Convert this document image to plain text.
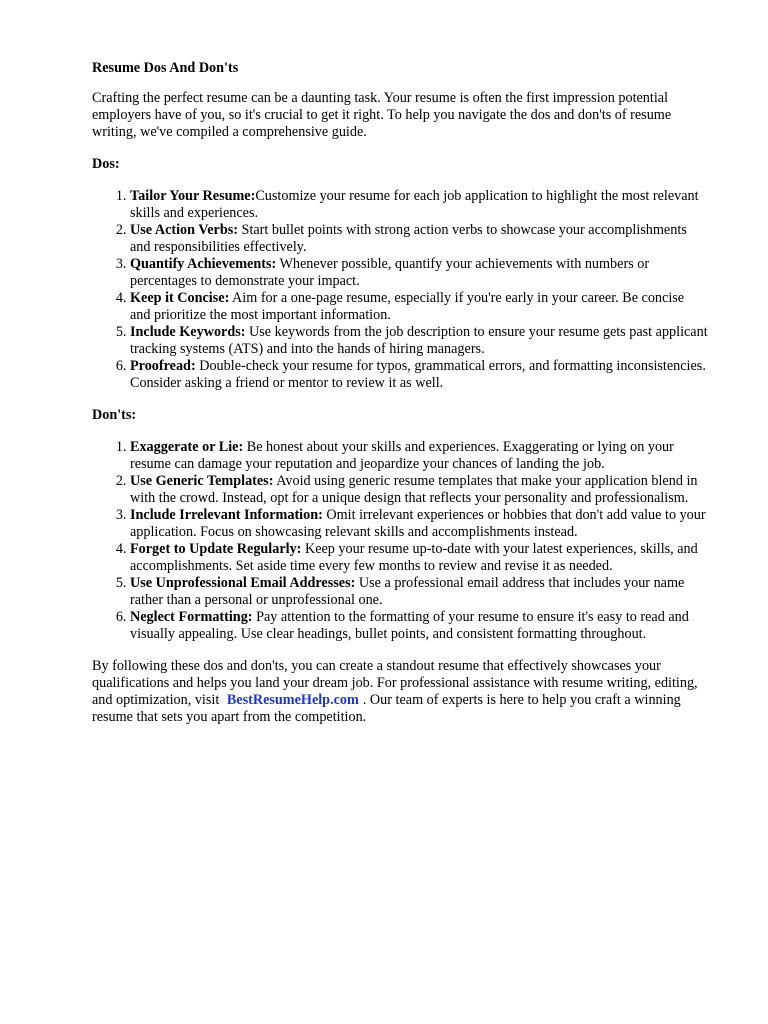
Resume Dos And Don'ts

Crafting the perfect resume can be a daunting task. Your resume is often the first impression potential employers have of you, so it's crucial to get it right. To help you navigate the dos and don'ts of resume writing, we've compiled a comprehensive guide.

Dos:
1. Tailor Your Resume:Customize your resume for each job application to highlight the most relevant skills and experiences.
2. Use Action Verbs: Start bullet points with strong action verbs to showcase your accomplishments and responsibilities effectively.
3. Quantify Achievements: Whenever possible, quantify your achievements with numbers or percentages to demonstrate your impact.
4. Keep it Concise: Aim for a one-page resume, especially if you're early in your career. Be concise and prioritize the most important information.
5. Include Keywords: Use keywords from the job description to ensure your resume gets past applicant tracking systems (ATS) and into the hands of hiring managers.
6. Proofread: Double-check your resume for typos, grammatical errors, and formatting inconsistencies. Consider asking a friend or mentor to review it as well.
Don'ts:
1. Exaggerate or Lie: Be honest about your skills and experiences. Exaggerating or lying on your resume can damage your reputation and jeopardize your chances of landing the job.
2. Use Generic Templates: Avoid using generic resume templates that make your application blend in with the crowd. Instead, opt for a unique design that reflects your personality and professionalism.
3. Include Irrelevant Information: Omit irrelevant experiences or hobbies that don't add value to your application. Focus on showcasing relevant skills and accomplishments instead.
4. Forget to Update Regularly: Keep your resume up-to-date with your latest experiences, skills, and accomplishments. Set aside time every few months to review and revise it as needed.
5. Use Unprofessional Email Addresses: Use a professional email address that includes your name rather than a personal or unprofessional one.
6. Neglect Formatting: Pay attention to the formatting of your resume to ensure it's easy to read and visually appealing. Use clear headings, bullet points, and consistent formatting throughout.

By following these dos and don'ts, you can create a standout resume that effectively showcases your qualifications and helps you land your dream job. For professional assistance with resume writing, editing, and optimization, visit BestResumeHelp.com . Our team of experts is here to help you craft a winning resume that sets you apart from the competition.
